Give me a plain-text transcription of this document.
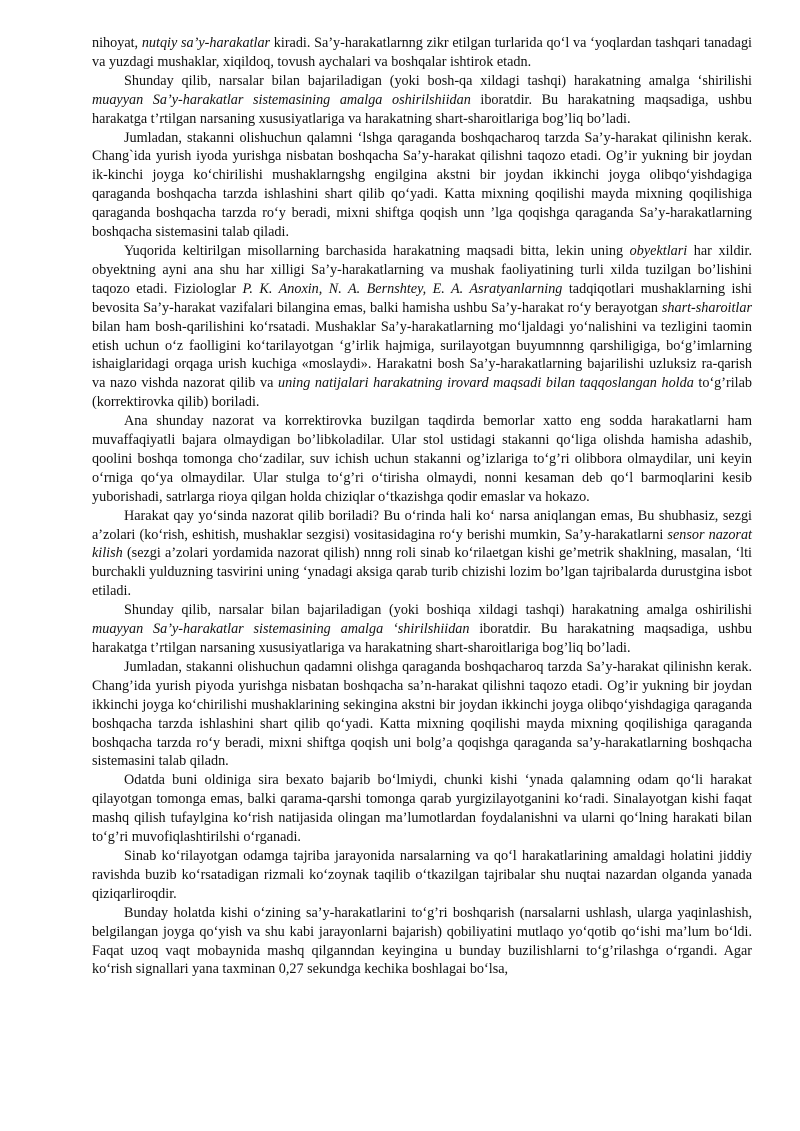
nihoyat, nutqiy sa’y-harakatlar kiradi. Sa’y-harakatlarnng zikr etilgan turlarida qo‘l va ‘yoqlardan tashqari tanadagi va yuzdagi mushaklar, xiqildoq, tovush aychalari va boshqalar ishtirok etadn.

Shunday qilib, narsalar bilan bajariladigan (yoki bosh-qa xildagi tashqi) harakatning amalga ‘shirilishi muayyan Sa’y-harakatlar sistemasining amalga oshirilshiidan iboratdir. Bu harakatning maqsadiga, ushbu harakatga t’rtilgan narsaning xususiyatlariga va harakatning shart-sharoitlariga bog’liq bo’ladi.

Jumladan, stakanni olishuchun qalamni ‘lshga qaraganda boshqacharoq tarzda Sa’y-harakat qilinishn kerak. Chang`ida yurish iyoda yurishga nisbatan boshqacha Sa’y-harakat qilishni taqozo etadi. Og’ir yukning bir joydan ik-kinchi joyga ko‘chirilishi mushaklarngshg engilgina akstni bir joydan ikkinchi joyga olibqo‘yishdagiga qaraganda boshqacha tarzda ishlashini shart qilib qo‘yadi. Katta mixning qoqilishi mayda mixning qoqilishiga qaraganda boshqacha tarzda ro‘y beradi, mixni shiftga qoqish unn ’lga qoqishga qaraganda Sa’y-harakatlarning boshqacha sistemasini talab qiladi.

Yuqorida keltirilgan misollarning barchasida harakatning maqsadi bitta, lekin uning obyektlari har xildir. obyektning ayni ana shu har xilligi Sa’y-harakatlarning va mushak faoliyatining turli xilda tuzilgan bo’lishini taqozo etadi. Fiziologlar P. K. Anoxin, N. A. Bernshtey, E. A. Asratyanlarning tadqiqotlari mushaklarning ishi bevosita Sa’y-harakat vazifalari bilangina emas, balki hamisha ushbu Sa’y-harakat ro‘y berayotgan shart-sharoitlar bilan ham bosh-qarilishini ko‘rsatadi. Mushaklar Sa’y-harakatlarning mo‘ljaldagi yo‘nalishini va tezligini taomin etish uchun o‘z faolligini ko‘tarilayotgan ‘g’irlik hajmiga, surilayotgan buyumnnng qarshiligiga, bo‘g’imlarning ishaiglaridagi orqaga urish kuchiga «moslaydi». Harakatni bosh Sa’y-harakatlarning bajarilishi uzluksiz ra-qarish va nazo vishda nazorat qilib va uning natijalari harakatning irovard maqsadi bilan taqqoslangan holda to‘g’rilab (korrektirovka qilib) boriladi.

Ana shunday nazorat va korrektirovka buzilgan taqdirda bemorlar xatto eng sodda harakatlarni ham muvaffaqiyatli bajara olmaydigan bo’libkoladilar. Ular stol ustidagi stakanni qo‘liga olishda hamisha adashib, qoolini boshqa tomonga cho‘zadilar, suv ichish uchun stakanni og’izlariga to‘g’ri olibbora olmaydilar, uni keyin o‘rniga qo‘ya olmaydilar. Ular stulga to‘g’ri o‘tirisha olmaydi, nonni kesaman deb qo‘l barmoqlarini kesib yuborishadi, satrlarga rioya qilgan holda chiziqlar o‘tkazishga qodir emaslar va hokazo.

Harakat qay yo‘sinda nazorat qilib boriladi? Bu o‘rinda hali ko‘ narsa aniqlangan emas, Bu shubhasiz, sezgi a’zolari (ko‘rish, eshitish, mushaklar sezgisi) vositasidagina ro‘y berishi mumkin, Sa’y-harakatlarni sensor nazorat kilish (sezgi a’zolari yordamida nazorat qilish) nnng roli sinab ko‘rilaetgan kishi ge’metrik shaklning, masalan, ‘lti burchakli yulduzning tasvirini uning ‘ynadagi aksiga qarab turib chizishi lozim bo’lgan tajribalarda durustgina isbot etiladi.

Shunday qilib, narsalar bilan bajariladigan (yoki boshiqa xildagi tashqi) harakatning amalga oshirilishi muayyan Sa’y-harakatlar sistemasining amalga ‘shirilshiidan iboratdir. Bu harakatning maqsadiga, ushbu harakatga t’rtilgan narsaning xususiyatlariga va harakatning shart-sharoitlariga bog’liq bo’ladi.

Jumladan, stakanni olishuchun qadamni olishga qaraganda boshqacharoq tarzda Sa’y-harakat qilinishn kerak. Chang’ida yurish piyoda yurishga nisbatan boshqacha sa’n-harakat qilishni taqozo etadi. Og’ir yukning bir joydan ikkinchi joyga ko‘chirilishi mushaklarining sekingina akstni bir joydan ikkinchi joyga olibqo‘yishdagiga qaraganda boshqacha tarzda ishlashini shart qilib qo‘yadi. Katta mixning qoqilishi mayda mixning qoqilishiga qaraganda boshqacha tarzda ro‘y beradi, mixni shiftga qoqish uni bolg’a qoqishga qaraganda sa’y-harakatlarning boshqacha sistemasini talab qiladn.

Odatda buni oldiniga sira bexato bajarib bo‘lmiydi, chunki kishi ‘ynada qalamning odam qo‘li harakat qilayotgan tomonga emas, balki qarama-qarshi tomonga qarab yurgizilayotganini ko‘radi. Sinalayotgan kishi faqat mashq qilish tufaylgina ko‘rish natijasida olingan ma’lumotlardan foydalanishni va ularni qo‘lning harakati bilan to‘g’ri muvofiqlashtirilshi o‘rganadi.

Sinab ko‘rilayotgan odamga tajriba jarayonida narsalarning va qo‘l harakatlarining amaldagi holatini jiddiy ravishda buzib ko‘rsatadigan rizmali ko‘zoynak taqilib o‘tkazilgan tajribalar shu nuqtai nazardan olganda yanada qiziqarliroqdir.

Bunday holatda kishi o‘zining sa’y-harakatlarini to‘g’ri boshqarish (narsalarni ushlash, ularga yaqinlashish, belgilangan joyga qo‘yish va shu kabi jarayonlarni bajarish) qobiliyatini mutlaqo yo‘qotib qo‘ishi ma’lum bo‘ldi. Faqat uzoq vaqt mobaynida mashq qilganndan keyingina u bunday buzilishlarni to‘g’rilashga o‘rgandi. Agar ko‘rish signallari yana taxminan 0,27 sekundga kechika boshlagai bo‘lsa,
